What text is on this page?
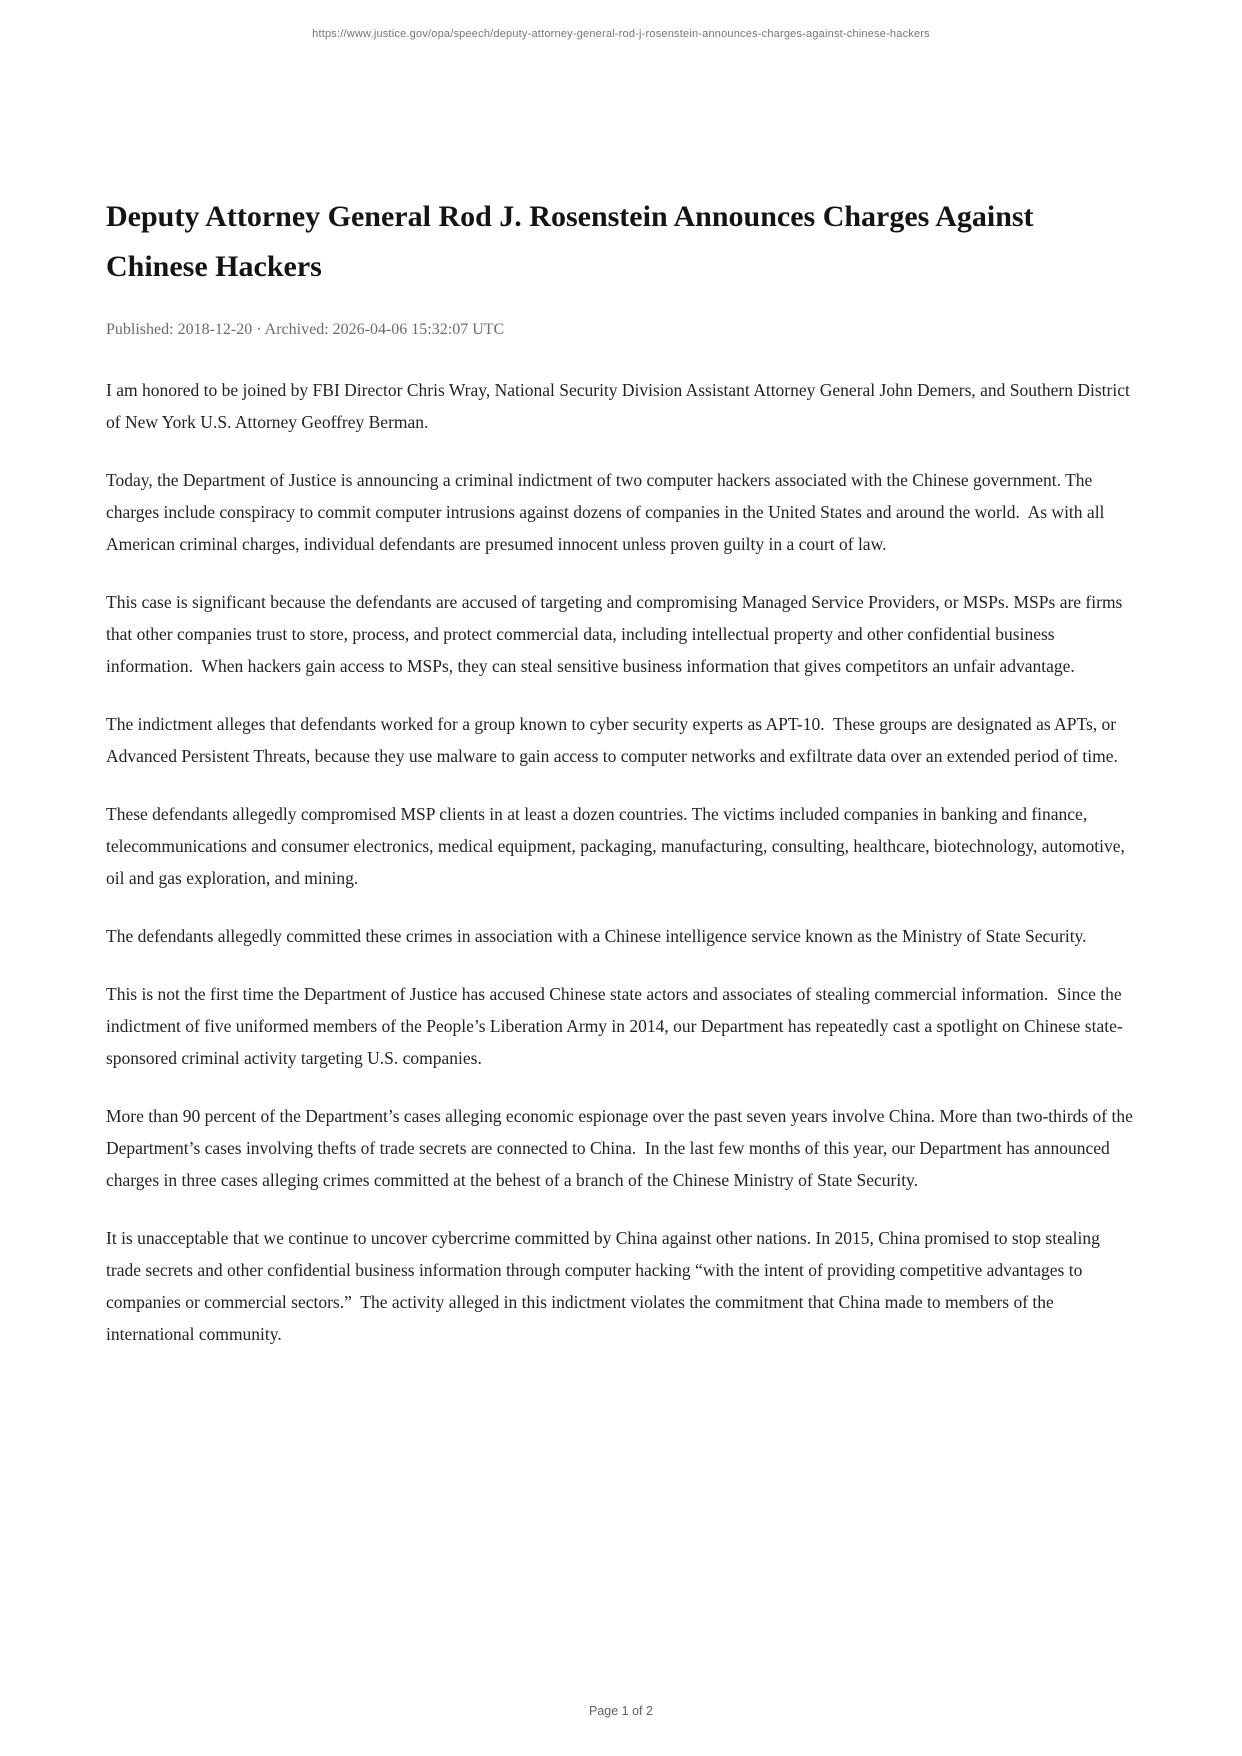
https://www.justice.gov/opa/speech/deputy-attorney-general-rod-j-rosenstein-announces-charges-against-chinese-hackers
Deputy Attorney General Rod J. Rosenstein Announces Charges Against Chinese Hackers
Published: 2018-12-20 · Archived: 2026-04-06 15:32:07 UTC

I am honored to be joined by FBI Director Chris Wray, National Security Division Assistant Attorney General John Demers, and Southern District of New York U.S. Attorney Geoffrey Berman.

Today, the Department of Justice is announcing a criminal indictment of two computer hackers associated with the Chinese government. The charges include conspiracy to commit computer intrusions against dozens of companies in the United States and around the world.  As with all American criminal charges, individual defendants are presumed innocent unless proven guilty in a court of law.

This case is significant because the defendants are accused of targeting and compromising Managed Service Providers, or MSPs. MSPs are firms that other companies trust to store, process, and protect commercial data, including intellectual property and other confidential business information.  When hackers gain access to MSPs, they can steal sensitive business information that gives competitors an unfair advantage.

The indictment alleges that defendants worked for a group known to cyber security experts as APT-10.  These groups are designated as APTs, or Advanced Persistent Threats, because they use malware to gain access to computer networks and exfiltrate data over an extended period of time.

These defendants allegedly compromised MSP clients in at least a dozen countries. The victims included companies in banking and finance, telecommunications and consumer electronics, medical equipment, packaging, manufacturing, consulting, healthcare, biotechnology, automotive, oil and gas exploration, and mining.

The defendants allegedly committed these crimes in association with a Chinese intelligence service known as the Ministry of State Security.

This is not the first time the Department of Justice has accused Chinese state actors and associates of stealing commercial information.  Since the indictment of five uniformed members of the People’s Liberation Army in 2014, our Department has repeatedly cast a spotlight on Chinese state-sponsored criminal activity targeting U.S. companies.

More than 90 percent of the Department’s cases alleging economic espionage over the past seven years involve China. More than two-thirds of the Department’s cases involving thefts of trade secrets are connected to China.  In the last few months of this year, our Department has announced charges in three cases alleging crimes committed at the behest of a branch of the Chinese Ministry of State Security.

It is unacceptable that we continue to uncover cybercrime committed by China against other nations. In 2015, China promised to stop stealing trade secrets and other confidential business information through computer hacking “with the intent of providing competitive advantages to companies or commercial sectors.”  The activity alleged in this indictment violates the commitment that China made to members of the international community.

Page 1 of 2
